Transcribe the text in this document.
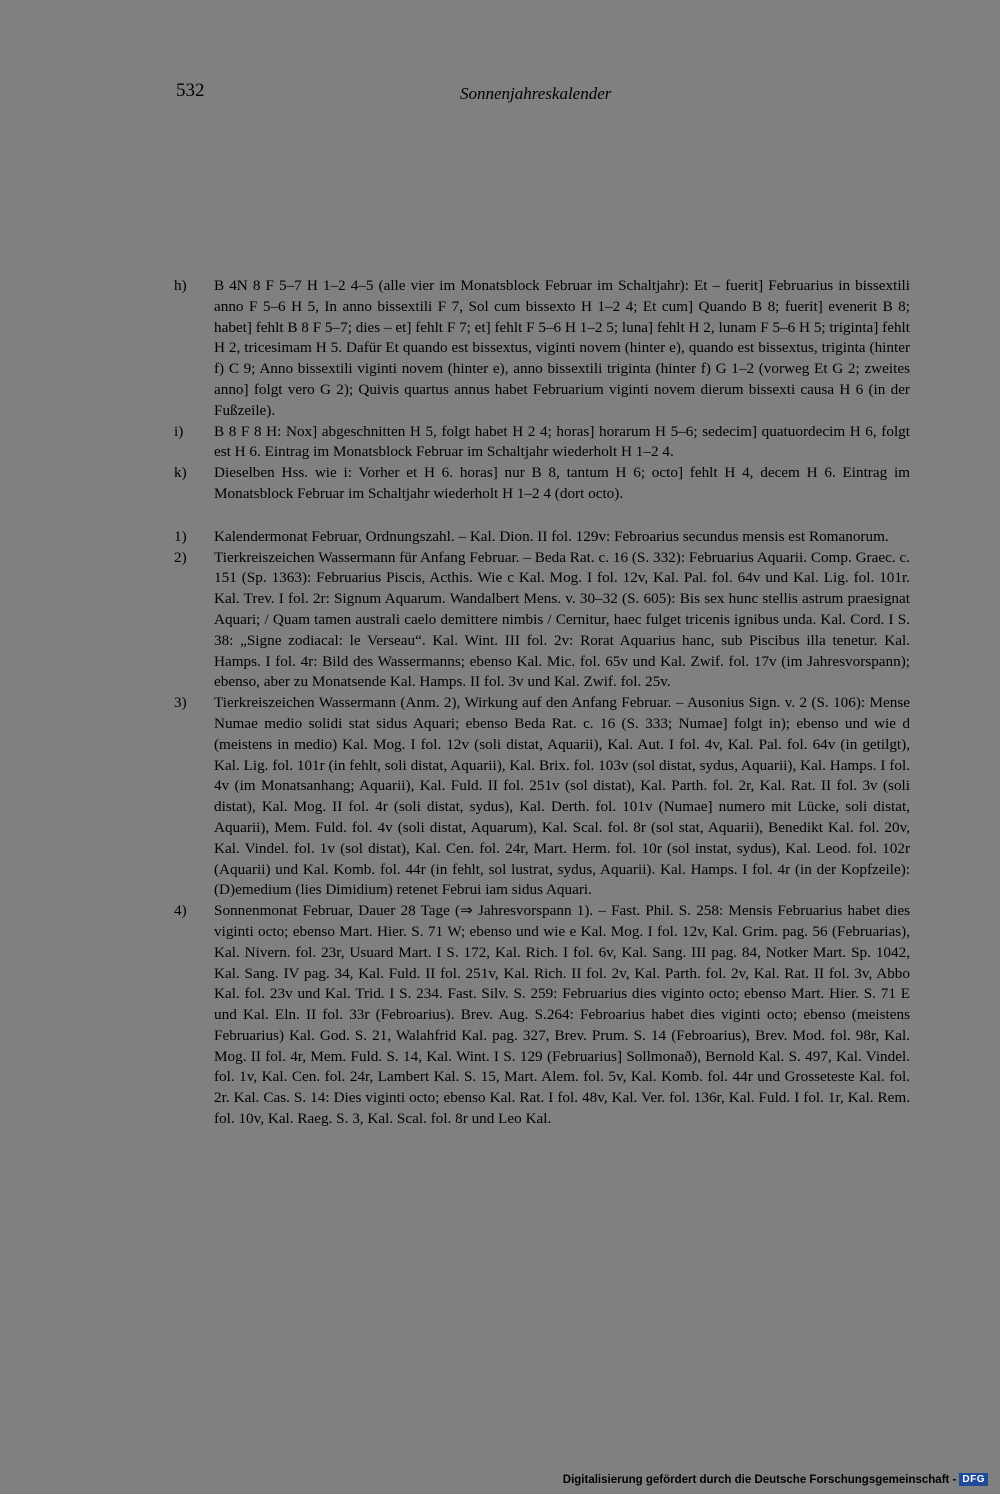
532	Sonnenjahreskalender
h)	B 4N 8 F 5–7 H 1–2 4–5 (alle vier im Monatsblock Februar im Schaltjahr): Et – fuerit] Februarius in bissextili anno F 5–6 H 5, In anno bissextili F 7, Sol cum bissexto H 1–2 4; Et cum] Quando B 8; fuerit] evenerit B 8; habet] fehlt B 8 F 5–7; dies – et] fehlt F 7; et] fehlt F 5–6 H 1–2 5; luna] fehlt H 2, lunam F 5–6 H 5; triginta] fehlt H 2, tricesimam H 5. Dafür Et quando est bissextus, viginti novem (hinter e), quando est bissextus, triginta (hinter f) C 9; Anno bissextili viginti novem (hinter e), anno bissextili triginta (hinter f) G 1–2 (vorweg Et G 2; zweites anno] folgt vero G 2); Quivis quartus annus habet Februarium viginti novem dierum bissexti causa H 6 (in der Fußzeile).
i)	B 8 F 8 H: Nox] abgeschnitten H 5, folgt habet H 2 4; horas] horarum H 5–6; sedecim] quatuordecim H 6, folgt est H 6. Eintrag im Monatsblock Februar im Schaltjahr wiederholt H 1–2 4.
k)	Dieselben Hss. wie i: Vorher et H 6. horas] nur B 8, tantum H 6; octo] fehlt H 4, decem H 6. Eintrag im Monatsblock Februar im Schaltjahr wiederholt H 1–2 4 (dort octo).
1)	Kalendermonat Februar, Ordnungszahl. – Kal. Dion. II fol. 129v: Febroarius secundus mensis est Romanorum.
2)	Tierkreiszeichen Wassermann für Anfang Februar. – Beda Rat. c. 16 (S. 332): Februarius Aquarii. Comp. Graec. c. 151 (Sp. 1363): Februarius Piscis, Acthis. Wie c Kal. Mog. I fol. 12v, Kal. Pal. fol. 64v und Kal. Lig. fol. 101r. Kal. Trev. I fol. 2r: Signum Aquarum. Wandalbert Mens. v. 30–32 (S. 605): Bis sex hunc stellis astrum praesignat Aquari; / Quam tamen australi caelo demittere nimbis / Cernitur, haec fulget tricenis ignibus unda. Kal. Cord. I S. 38: „Signe zodiacal: le Verseau“. Kal. Wint. III fol. 2v: Rorat Aquarius hanc, sub Piscibus illa tenetur. Kal. Hamps. I fol. 4r: Bild des Wassermanns; ebenso Kal. Mic. fol. 65v und Kal. Zwif. fol. 17v (im Jahresvorspann); ebenso, aber zu Monatsende Kal. Hamps. II fol. 3v und Kal. Zwif. fol. 25v.
3)	Tierkreiszeichen Wassermann (Anm. 2), Wirkung auf den Anfang Februar. – Ausonius Sign. v. 2 (S. 106): Mense Numae medio solidi stat sidus Aquari; ebenso Beda Rat. c. 16 (S. 333; Numae] folgt in); ebenso und wie d (meistens in medio) Kal. Mog. I fol. 12v (soli distat, Aquarii), Kal. Aut. I fol. 4v, Kal. Pal. fol. 64v (in getilgt), Kal. Lig. fol. 101r (in fehlt, soli distat, Aquarii), Kal. Brix. fol. 103v (sol distat, sydus, Aquarii), Kal. Hamps. I fol. 4v (im Monatsanhang; Aquarii), Kal. Fuld. II fol. 251v (sol distat), Kal. Parth. fol. 2r, Kal. Rat. II fol. 3v (soli distat), Kal. Mog. II fol. 4r (soli distat, sydus), Kal. Derth. fol. 101v (Numae] numero mit Lücke, soli distat, Aquarii), Mem. Fuld. fol. 4v (soli distat, Aquarum), Kal. Scal. fol. 8r (sol stat, Aquarii), Benedikt Kal. fol. 20v, Kal. Vindel. fol. 1v (sol distat), Kal. Cen. fol. 24r, Mart. Herm. fol. 10r (sol instat, sydus), Kal. Leod. fol. 102r (Aquarii) und Kal. Komb. fol. 44r (in fehlt, sol lustrat, sydus, Aquarii). Kal. Hamps. I fol. 4r (in der Kopfzeile): (D)emedium (lies Dimidium) retenet Februi iam sidus Aquari.
4)	Sonnenmonat Februar, Dauer 28 Tage (⇒ Jahresvorspann 1). – Fast. Phil. S. 258: Mensis Februarius habet dies viginti octo; ebenso Mart. Hier. S. 71 W; ebenso und wie e Kal. Mog. I fol. 12v, Kal. Grim. pag. 56 (Februarias), Kal. Nivern. fol. 23r, Usuard Mart. I S. 172, Kal. Rich. I fol. 6v, Kal. Sang. III pag. 84, Notker Mart. Sp. 1042, Kal. Sang. IV pag. 34, Kal. Fuld. II fol. 251v, Kal. Rich. II fol. 2v, Kal. Parth. fol. 2v, Kal. Rat. II fol. 3v, Abbo Kal. fol. 23v und Kal. Trid. I S. 234. Fast. Silv. S. 259: Februarius dies viginto octo; ebenso Mart. Hier. S. 71 E und Kal. Eln. II fol. 33r (Febroarius). Brev. Aug. S.264: Febroarius habet dies viginti octo; ebenso (meistens Februarius) Kal. God. S. 21, Walahfrid Kal. pag. 327, Brev. Prum. S. 14 (Febroarius), Brev. Mod. fol. 98r, Kal. Mog. II fol. 4r, Mem. Fuld. S. 14, Kal. Wint. I S. 129 (Februarius] Sollmonað), Bernold Kal. S. 497, Kal. Vindel. fol. 1v, Kal. Cen. fol. 24r, Lambert Kal. S. 15, Mart. Alem. fol. 5v, Kal. Komb. fol. 44r und Grosseteste Kal. fol. 2r. Kal. Cas. S. 14: Dies viginti octo; ebenso Kal. Rat. I fol. 48v, Kal. Ver. fol. 136r, Kal. Fuld. I fol. 1r, Kal. Rem. fol. 10v, Kal. Raeg. S. 3, Kal. Scal. fol. 8r und Leo Kal.
Digitalisierung gefördert durch die Deutsche Forschungsgemeinschaft - DFG
